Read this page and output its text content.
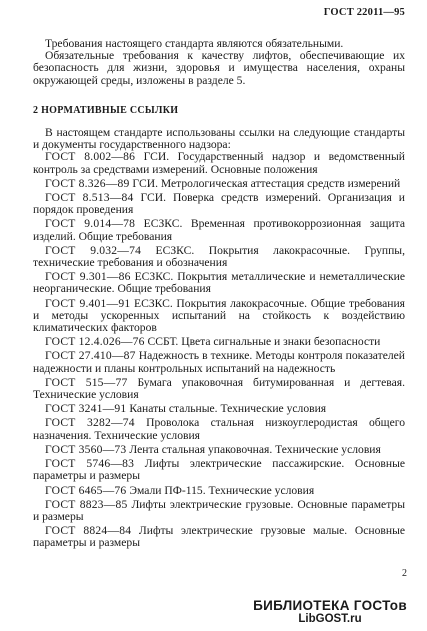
ГОСТ 22011—95

Требования настоящего стандарта являются обязательными.

Обязательные требования к качеству лифтов, обеспечивающие их безопасность для жизни, здоровья и имущества населения, охраны окружающей среды, изложены в разделе 5.

2 НОРМАТИВНЫЕ ССЫЛКИ

В настоящем стандарте использованы ссылки на следующие стандарты и документы государственного надзора:

ГОСТ 8.002—86 ГСИ. Государственный надзор и ведомственный контроль за средствами измерений. Основные положения

ГОСТ 8.326—89 ГСИ. Метрологическая аттестация средств измерений

ГОСТ 8.513—84 ГСИ. Поверка средств измерений. Организация и порядок проведения

ГОСТ 9.014—78 ЕСЗКС. Временная противокоррозионная защита изделий. Общие требования

ГОСТ 9.032—74 ЕСЗКС. Покрытия лакокрасочные. Группы, технические требования и обозначения

ГОСТ 9.301—86 ЕСЗКС. Покрытия металлические и неметаллические неорганические. Общие требования

ГОСТ 9.401—91 ЕСЗКС. Покрытия лакокрасочные. Общие требования и методы ускоренных испытаний на стойкость к воздействию климатических факторов

ГОСТ 12.4.026—76 ССБТ. Цвета сигнальные и знаки безопасности

ГОСТ 27.410—87 Надежность в технике. Методы контроля показателей надежности и планы контрольных испытаний на надежность

ГОСТ 515—77 Бумага упаковочная битумированная и дегтевая. Технические условия

ГОСТ 3241—91 Канаты стальные. Технические условия

ГОСТ 3282—74 Проволока стальная низкоуглеродистая общего назначения. Технические условия

ГОСТ 3560—73 Лента стальная упаковочная. Технические условия

ГОСТ 5746—83 Лифты электрические пассажирские. Основные параметры и размеры

ГОСТ 6465—76 Эмали ПФ-115. Технические условия

ГОСТ 8823—85 Лифты электрические грузовые. Основные параметры и размеры

ГОСТ 8824—84 Лифты электрические грузовые малые. Основные параметры и размеры

2
БИБЛИОТЕКА ГОСТов
LibGOST.ru
